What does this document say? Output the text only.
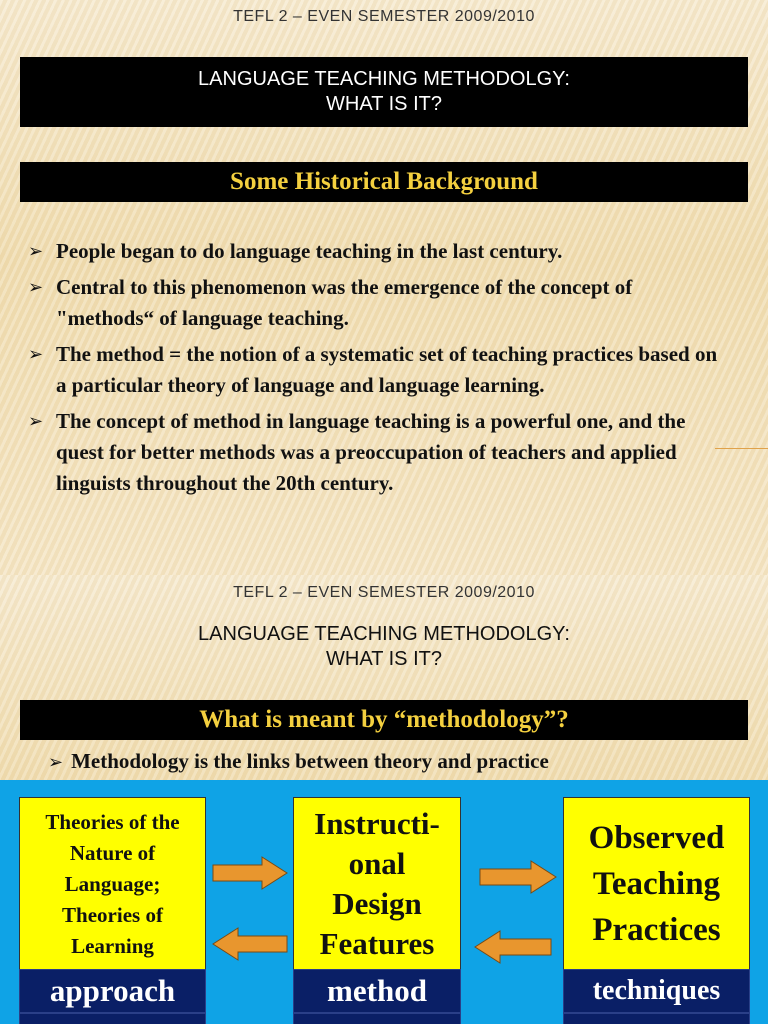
TEFL 2 – EVEN SEMESTER 2009/2010
LANGUAGE TEACHING METHODOLGY:
WHAT IS IT?
Some Historical Background
➢ People began to do language teaching in the last century.
➢ Central to this phenomenon was the emergence of the concept of "methods“ of language teaching.
➢ The method = the notion of a systematic set of teaching practices based on a particular theory of language and language learning.
➢ The concept of method in language teaching is a powerful one, and the quest for better methods was a preoccupation of teachers and applied linguists throughout the 20th century.
TEFL 2 – EVEN SEMESTER 2009/2010
LANGUAGE TEACHING METHODOLGY:
WHAT IS IT?
What is meant by “methodology”?
➢ Methodology is the links between theory and practice
Theories of the
Nature of
Language;
Theories of
Learning
Instructi-
onal
Design
Features
Observed
Teaching
Practices
approach	method	techniques
